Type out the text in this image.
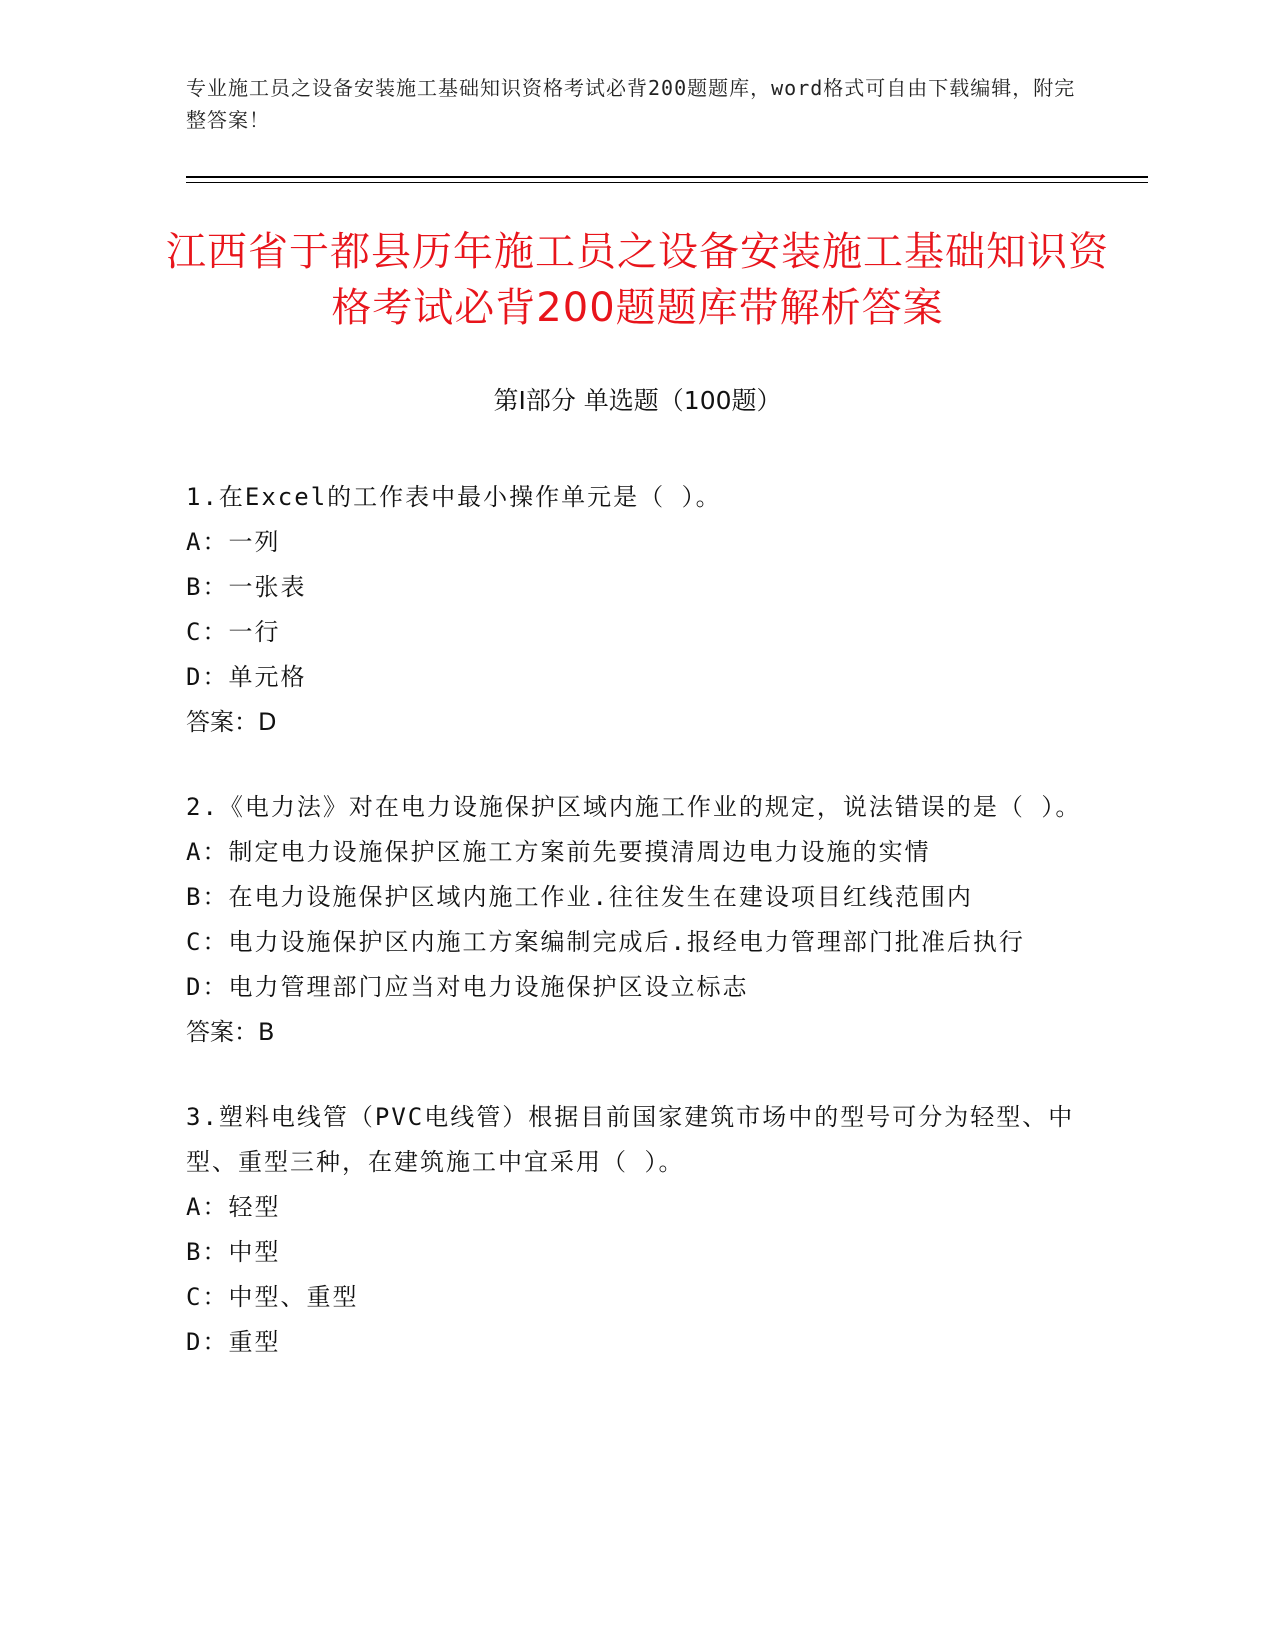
专业施工员之设备安装施工基础知识资格考试必背200题题库，word格式可自由下载编辑，附完整答案！
江西省于都县历年施工员之设备安装施工基础知识资格考试必背200题题库带解析答案
第Ⅰ部分 单选题（100题）
1.在Excel的工作表中最小操作单元是（ ）。
A：一列
B：一张表
C：一行
D：单元格
答案：D
2.《电力法》对在电力设施保护区域内施工作业的规定，说法错误的是（ ）。
A：制定电力设施保护区施工方案前先要摸清周边电力设施的实情
B：在电力设施保护区域内施工作业.往往发生在建设项目红线范围内
C：电力设施保护区内施工方案编制完成后.报经电力管理部门批准后执行
D：电力管理部门应当对电力设施保护区设立标志
答案：B
3.塑料电线管（PVC电线管）根据目前国家建筑市场中的型号可分为轻型、中型、重型三种，在建筑施工中宜采用（ ）。
A：轻型
B：中型
C：中型、重型
D：重型
